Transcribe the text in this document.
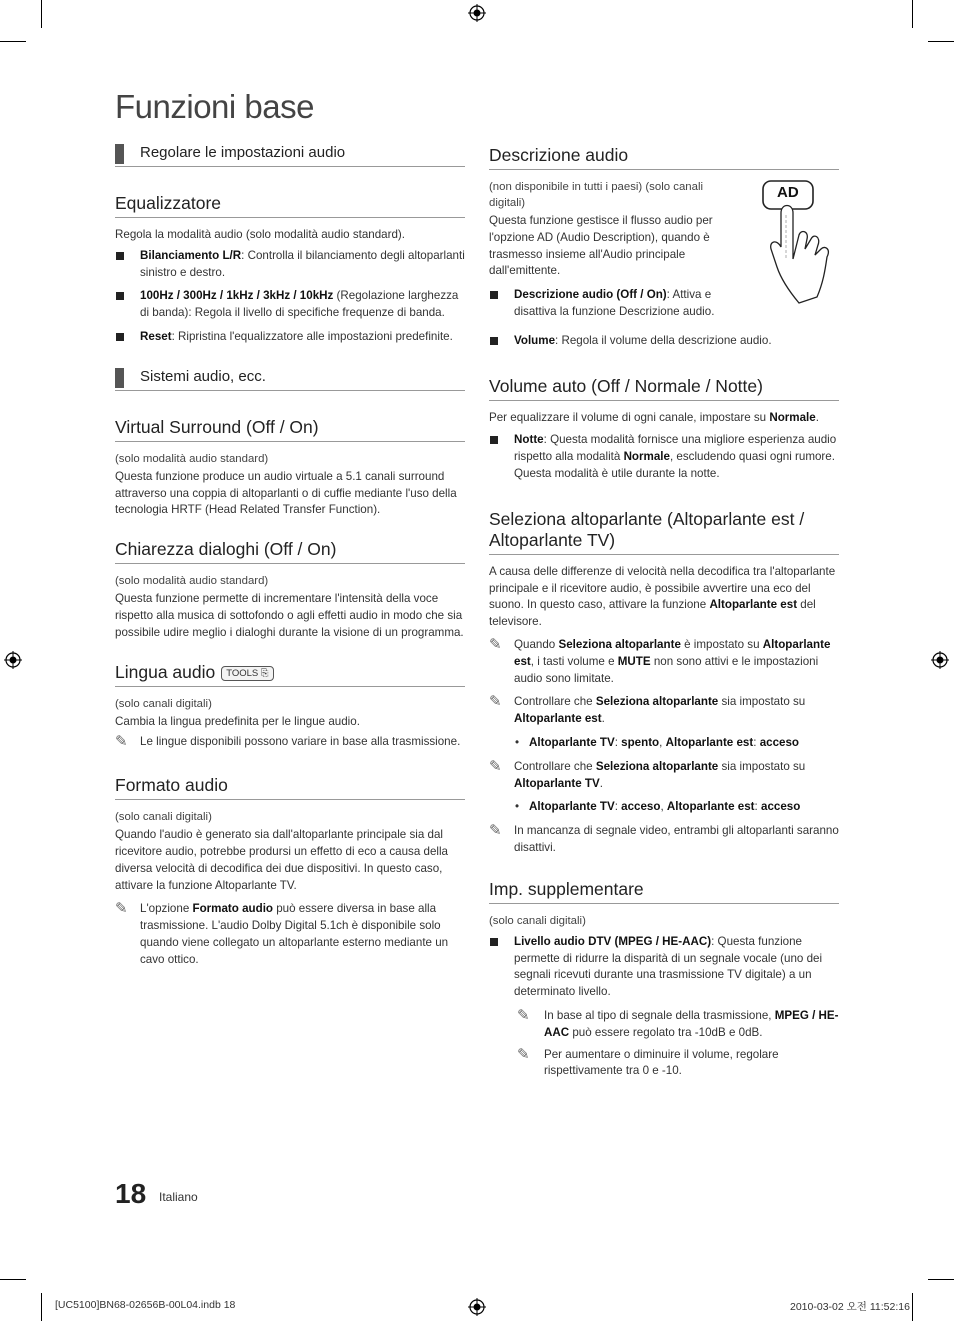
Funzioni base
Regolare le impostazioni audio
Equalizzatore

Regola la modalità audio (solo modalità audio standard).

Bilanciamento L/R: Controlla il bilanciamento degli altoparlanti sinistro e destro.
100Hz / 300Hz / 1kHz / 3kHz / 10kHz (Regolazione larghezza di banda): Regola il livello di specifiche frequenze di banda.
Reset: Ripristina l'equalizzatore alle impostazioni predefinite.
Sistemi audio, ecc.
Virtual Surround (Off / On)

(solo modalità audio standard)

Questa funzione produce un audio virtuale a 5.1 canali surround attraverso una coppia di altoparlanti o di cuffie mediante l'uso della tecnologia HRTF (Head Related Transfer Function).

Chiarezza dialoghi (Off / On)

(solo modalità audio standard)

Questa funzione permette di incrementare l'intensità della voce rispetto alla musica di sottofondo o agli effetti audio in modo che sia possibile udire meglio i dialoghi durante la visione di un programma.

Lingua audio TOOLS ⎘

(solo canali digitali)

Cambia la lingua predefinita per le lingue audio.

✎ Le lingue disponibili possono variare in base alla trasmissione.
Formato audio

(solo canali digitali)

Quando l'audio è generato sia dall'altoparlante principale sia dal ricevitore audio, potrebbe prodursi un effetto di eco a causa della diversa velocità di decodifica dei due dispositivi. In questo caso, attivare la funzione Altoparlante TV.

✎ L'opzione Formato audio può essere diversa in base alla trasmissione. L'audio Dolby Digital 5.1ch è disponibile solo quando viene collegato un altoparlante esterno mediante un cavo ottico.
Descrizione audio

(non disponibile in tutti i paesi) (solo canali digitali)

Questa funzione gestisce il flusso audio per l'opzione AD (Audio Description), quando è trasmesso insieme all'Audio principale dall'emittente.

AD
Descrizione audio (Off / On): Attiva e disattiva la funzione Descrizione audio.
Volume: Regola il volume della descrizione audio.
Volume auto (Off / Normale / Notte)

Per equalizzare il volume di ogni canale, impostare su Normale.

Notte: Questa modalità fornisce una migliore esperienza audio rispetto alla modalità Normale, escludendo quasi ogni rumore. Questa modalità è utile durante la notte.
Seleziona altoparlante (Altoparlante est / Altoparlante TV)

A causa delle differenze di velocità nella decodifica tra l'altoparlante principale e il ricevitore audio, è possibile avvertire una eco del suono. In questo caso, attivare la funzione Altoparlante est del televisore.

✎ Quando Seleziona altoparlante è impostato su Altoparlante est, i tasti volume e MUTE non sono attivi e le impostazioni audio sono limitate.
✎ Controllare che Seleziona altoparlante sia impostato su Altoparlante est.
• Altoparlante TV: spento, Altoparlante est: acceso
✎ Controllare che Seleziona altoparlante sia impostato su Altoparlante TV.
• Altoparlante TV: acceso, Altoparlante est: acceso
✎ In mancanza di segnale video, entrambi gli altoparlanti saranno disattivi.
Imp. supplementare

(solo canali digitali)

Livello audio DTV (MPEG / HE-AAC): Questa funzione permette di ridurre la disparità di un segnale vocale (uno dei segnali ricevuti durante una trasmissione TV digitale) a un determinato livello.
✎ In base al tipo di segnale della trasmissione, MPEG / HE-AAC può essere regolato tra -10dB e 0dB.
✎ Per aumentare o diminuire il volume, regolare rispettivamente tra 0 e -10.
18 Italiano
[UC5100]BN68-02656B-00L04.indb 18	2010-03-02 오전 11:52:16
